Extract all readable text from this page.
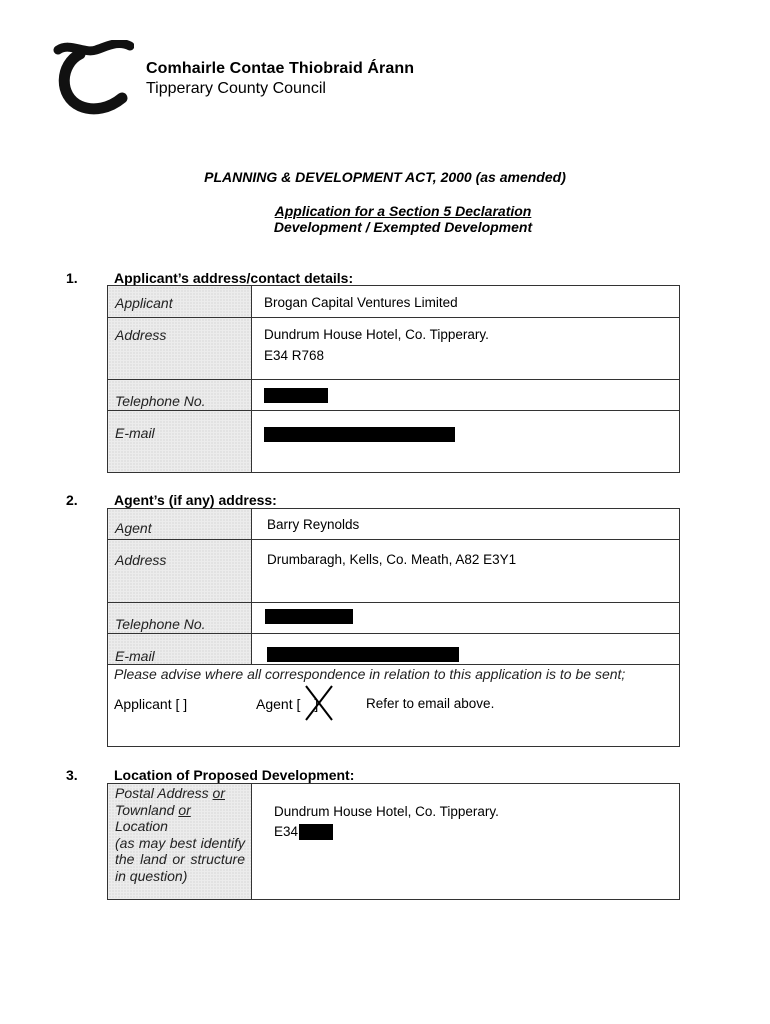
Comhairle Contae Thiobraid Árann
Tipperary County Council
PLANNING & DEVELOPMENT ACT, 2000 (as amended)
Application for a Section 5 Declaration
Development / Exempted Development
1.	Applicant’s address/contact details:
Applicant	Brogan Capital Ventures Limited

Address	Dundrum House Hotel, Co. Tipperary.
E34 R768

Telephone No.	

E-mail	

2.	Agent’s (if any) address:
Agent	Barry Reynolds

Address	Drumbaragh, Kells, Co. Meath, A82 E3Y1

Telephone No.	

E-mail	

Please advise where all correspondence in relation to this application is to be sent;
Applicant [ ] Agent [ ] Refer to email above.	
3.	Location of Proposed Development:
Postal Address or
Townland or
Location
(as may best identify the land or structure in question)

Dundrum House Hotel, Co. Tipperary.
E34
